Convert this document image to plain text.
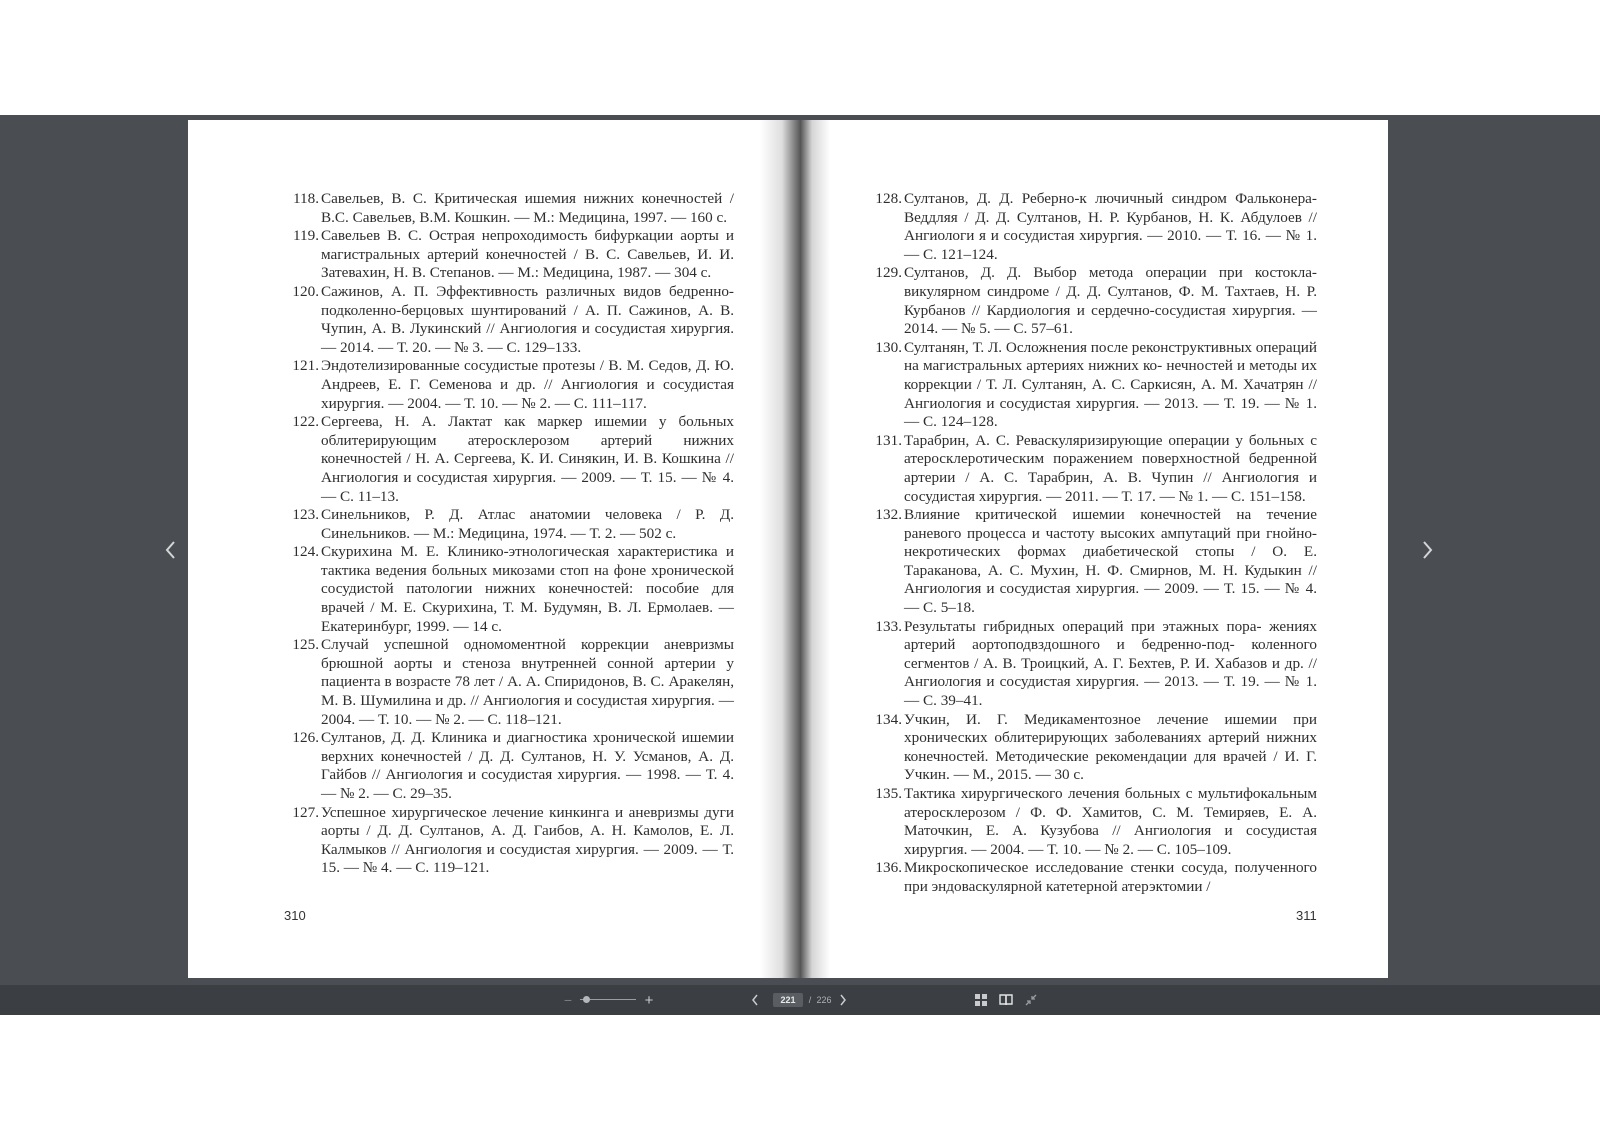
118. Савельев, В. С. Критическая ишемия нижних конечностей / В.С. Савельев, В.М. Кошкин. — М.: Медицина, 1997. — 160 с.
119. Савельев В. С. Острая непроходимость бифуркации аорты и магистральных артерий конечностей / В. С. Савельев, И. И. Затевахин, Н. В. Степанов. — М.: Медицина, 1987. — 304 с.
120. Сажинов, А. П. Эффективность различных видов бедренно-подколенно-берцовых шунтирований / А. П. Сажинов, А. В. Чупин, А. В. Лукинский // Ангиология и сосудистая хирургия. — 2014. — Т. 20. — № 3. — С. 129–133.
121. Эндотелизированные сосудистые протезы / В. М. Седов, Д. Ю. Андреев, Е. Г. Семенова и др. // Ангиология и сосудистая хирургия. — 2004. — Т. 10. — № 2. — С. 111–117.
122. Сергеева, Н. А. Лактат как маркер ишемии у больных облитерирующим атеросклерозом артерий нижних конечностей / Н. А. Сергеева, К. И. Синякин, И. В. Кошкина // Ангиология и сосудистая хирургия. — 2009. — Т. 15. — № 4. — С. 11–13.
123. Синельников, Р. Д. Атлас анатомии человека / Р. Д. Синельников. — М.: Медицина, 1974. — Т. 2. — 502 с.
124. Скурихина М. Е. Клинико-этнологическая характеристика и тактика ведения больных микозами стоп на фоне хронической сосудистой патологии нижних конечностей: пособие для врачей / М. Е. Скурихина, Т. М. Будумян, В. Л. Ермолаев. — Екатеринбург, 1999. — 14 с.
125. Случай успешной одномоментной коррекции аневризмы брюшной аорты и стеноза внутренней сонной артерии у пациента в возрасте 78 лет / А. А. Спиридонов, В. С. Аракелян, М. В. Шумилина и др. // Ангиология и сосудистая хирургия. — 2004. — Т. 10. — № 2. — С. 118–121.
126. Султанов, Д. Д. Клиника и диагностика хронической ишемии верхних конечностей / Д. Д. Султанов, Н. У. Усманов, А. Д. Гайбов // Ангиология и сосудистая хирургия. — 1998. — Т. 4. — № 2. — С. 29–35.
127. Успешное хирургическое лечение кинкинга и аневризмы дуги аорты / Д. Д. Султанов, А. Д. Гаибов, А. Н. Камолов, Е. Л. Калмыков // Ангиология и сосудистая хирургия. — 2009. — Т. 15. — № 4. — С. 119–121.
310
128. Султанов, Д. Д. Реберно-к лючичный синдром Фальконера-Веддляя / Д. Д. Султанов, Н. Р. Курбанов, Н. К. Абдулоев // Ангиологи я и сосудистая хирургия. — 2010. — Т. 16. — № 1. — С. 121–124.
129. Султанов, Д. Д. Выбор метода операции при костокла- викулярном синдроме / Д. Д. Султанов, Ф. М. Тахтаев, Н. Р. Курбанов // Кардиология и сердечно-сосудистая хирургия. — 2014. — № 5. — С. 57–61.
130. Султанян, Т. Л. Осложнения после реконструктивных операций на магистральных артериях нижних ко- нечностей и методы их коррекции / Т. Л. Султанян, А. С. Саркисян, А. М. Хачатрян // Ангиология и сосудистая хирургия. — 2013. — Т. 19. — № 1. — С. 124–128.
131. Тарабрин, А. С. Реваскуляризирующие операции у больных с атеросклеротическим поражением поверхностной бедренной артерии / А. С. Тарабрин, А. В. Чупин // Ангиология и сосудистая хирургия. — 2011. — Т. 17. — № 1. — С. 151–158.
132. Влияние критической ишемии конечностей на течение раневого процесса и частоту высоких ампутаций при гнойно-некротических формах диабетической стопы / О. Е. Тараканова, А. С. Мухин, Н. Ф. Смирнов, М. Н. Кудыкин // Ангиология и сосудистая хирургия. — 2009. — Т. 15. — № 4. — С. 5–18.
133. Результаты гибридных операций при этажных пора- жениях артерий аортоподвздошного и бедренно-под- коленного сегментов / А. В. Троицкий, А. Г. Бехтев, Р. И. Хабазов и др. // Ангиология и сосудистая хирургия. — 2013. — Т. 19. — № 1. — С. 39–41.
134. Учкин, И. Г. Медикаментозное лечение ишемии при хронических облитерирующих заболеваниях артерий нижних конечностей. Методические рекомендации для врачей / И. Г. Учкин. — М., 2015. — 30 с.
135. Тактика хирургического лечения больных с мультифокальным атеросклерозом / Ф. Ф. Хамитов, С. М. Темиряев, Е. А. Маточкин, Е. А. Кузубова // Ангиология и сосудистая хирургия. — 2004. — Т. 10. — № 2. — С. 105–109.
136. Микроскопическое исследование стенки сосуда, полученного при эндоваскулярной катетерной атерэктомии /
311
−	+	221	/ 226
